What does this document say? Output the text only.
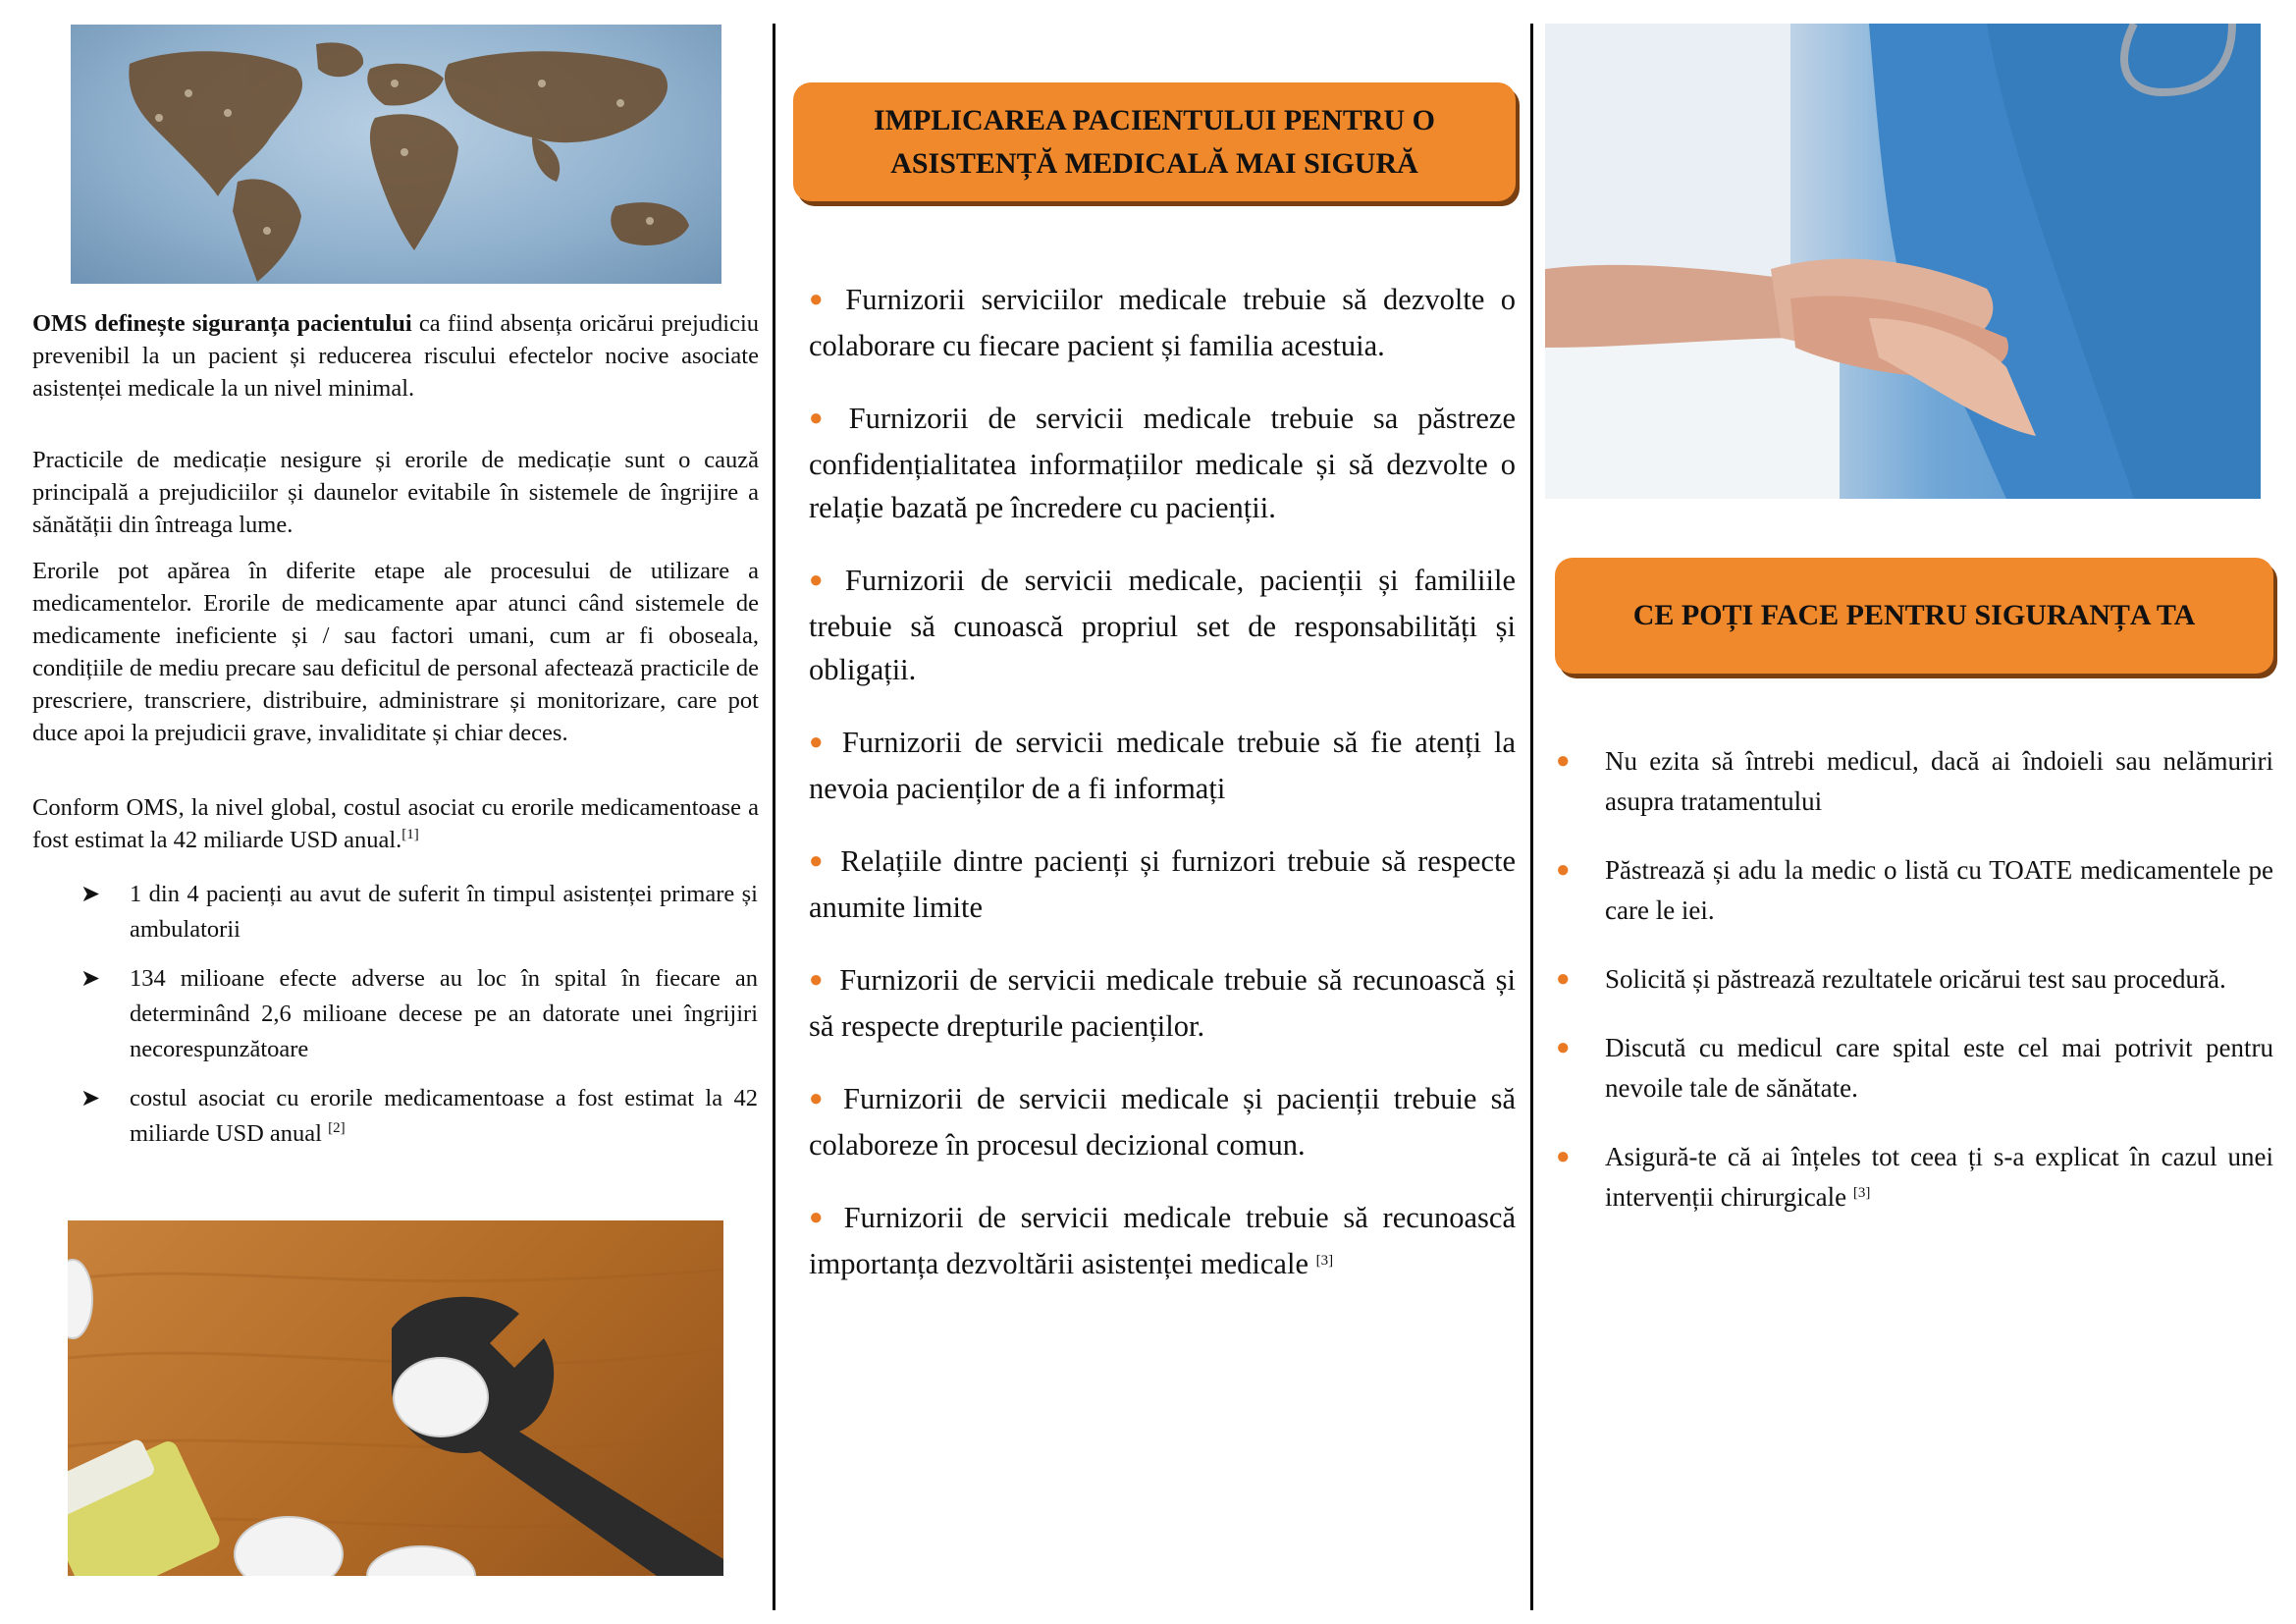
OMS definește siguranța pacientului ca fiind absența oricărui prejudiciu prevenibil la un pacient și reducerea riscului efectelor nocive asociate asistenței medicale la un nivel minimal.

Practicile de medicație nesigure și erorile de medicație sunt o cauză principală a prejudiciilor și daunelor evitabile în sistemele de îngrijire a sănătății din întreaga lume.

Erorile pot apărea în diferite etape ale procesului de utilizare a medicamentelor. Erorile de medicamente apar atunci când sistemele de medicamente ineficiente și / sau factori umani, cum ar fi oboseala, condițiile de mediu precare sau deficitul de personal afectează practicile de prescriere, transcriere, distribuire, administrare și monitorizare, care pot duce apoi la prejudicii grave, invaliditate și chiar deces.

Conform OMS, la nivel global, costul asociat cu erorile medicamentoase a fost estimat la 42 miliarde USD anual.[1]

➤ 1 din 4 pacienți au avut de suferit în timpul asistenței primare și ambulatorii
➤ 134 milioane efecte adverse au loc în spital în fiecare an determinând 2,6 milioane decese pe an datorate unei îngrijiri necorespunzătoare
➤ costul asociat cu erorile medicamentoase a fost estimat la 42 miliarde USD anual [2]
IMPLICAREA PACIENTULUI PENTRU O ASISTENȚĂ MEDICALĂ MAI SIGURĂ
● Furnizorii serviciilor medicale trebuie să dezvolte o colaborare cu fiecare pacient și familia acestuia.
● Furnizorii de servicii medicale trebuie sa păstreze confidențialitatea informațiilor medicale și să dezvolte o relație bazată pe încredere cu pacienții.
● Furnizorii de servicii medicale, pacienții și familiile trebuie să cunoască propriul set de responsabilități și obligații.
● Furnizorii de servicii medicale trebuie să fie atenți la nevoia pacienților de a fi informați
● Relațiile dintre pacienți și furnizori trebuie să respecte anumite limite
● Furnizorii de servicii medicale trebuie să recunoască și să respecte drepturile pacienților.
● Furnizorii de servicii medicale și pacienții trebuie să colaboreze în procesul decizional comun.
● Furnizorii de servicii medicale trebuie să recunoască importanța dezvoltării asistenței medicale [3]
CE POȚI FACE PENTRU SIGURANȚA TA
● Nu ezita să întrebi medicul, dacă ai îndoieli sau nelămuriri asupra tratamentului
● Păstrează și adu la medic o listă cu TOATE medicamentele pe care le iei.
● Solicită și păstrează rezultatele oricărui test sau procedură.
● Discută cu medicul care spital este cel mai potrivit pentru nevoile tale de sănătate.
● Asigură-te că ai înțeles tot ceea ți s-a explicat în cazul unei intervenții chirurgicale [3]
